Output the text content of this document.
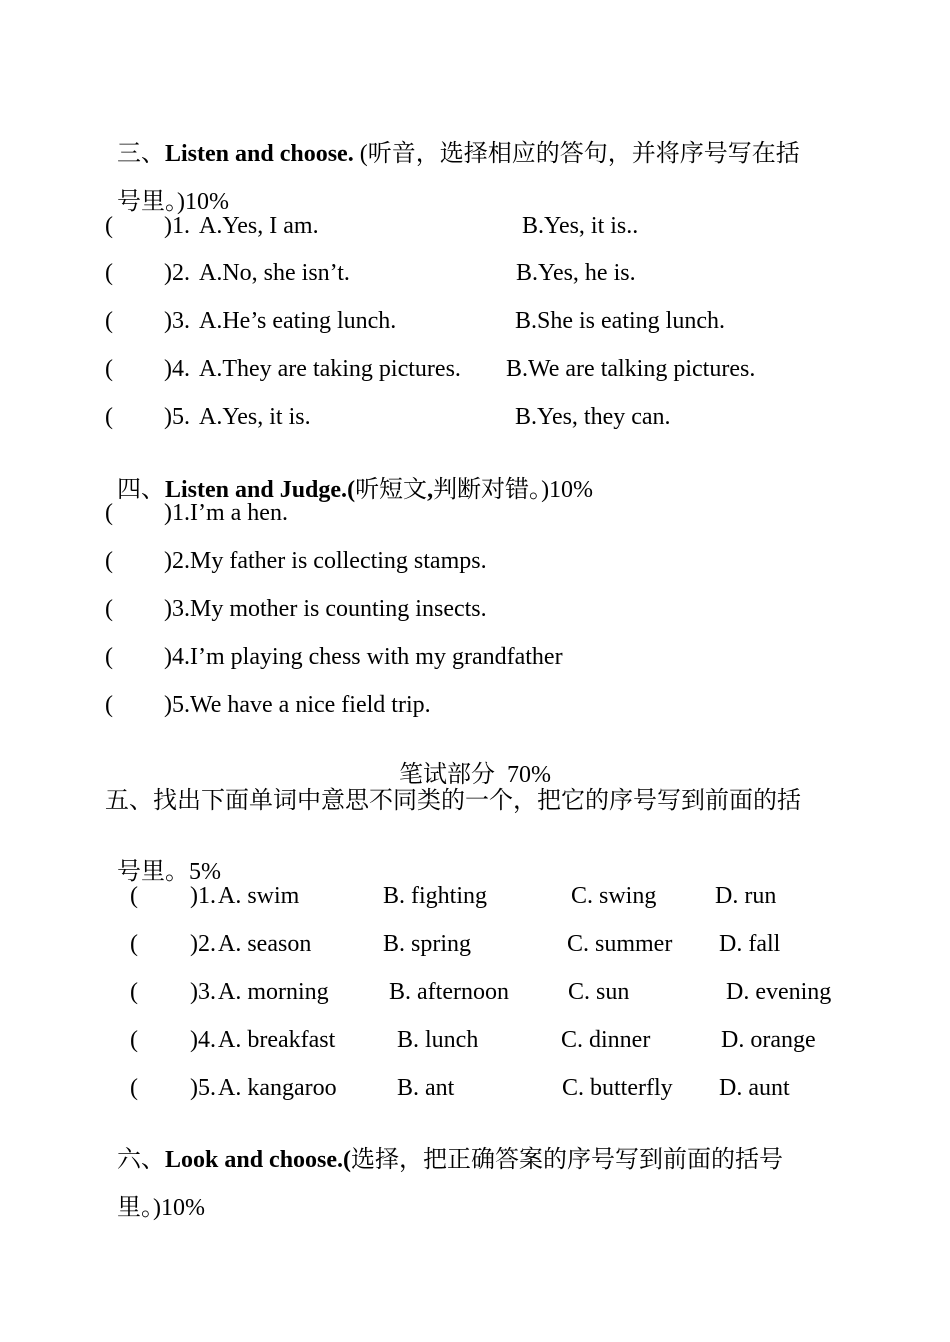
三、Listen and choose. (听音，选择相应的答句，并将序号写在括

号里。)10%

( )1. A.Yes, I am.	B.Yes, it is..
( )2. A.No, she isn’t.	B.Yes, he is.
( )3. A.He’s eating lunch.	B.She is eating lunch.
( )4. A.They are taking pictures. B.We are talking pictures.
( )5. A.Yes, it is.	B.Yes, they can.

四、Listen and Judge.(听短文,判断对错。)10%

( )1.I’m a hen.
( )2.My father is collecting stamps.
( )3.My mother is counting insects.
( )4.I’m playing chess with my grandfather
( )5.We have a nice field trip.

笔试部分 70%

五、找出下面单词中意思不同类的一个，把它的序号写到前面的括

号里。5%

( )1. A. swim	B. fighting	C. swing D. run
( )2. A. season	B. spring	C. summer D. fall
( )3. A. morning	B. afternoon C. sun	D. evening
( )4. A. breakfast	B. lunch	C. dinner	D. orange
( )5. A. kangaroo	B. ant	C. butterfly D. aunt

六、Look and choose.(选择，把正确答案的序号写到前面的括号

里。)10%
